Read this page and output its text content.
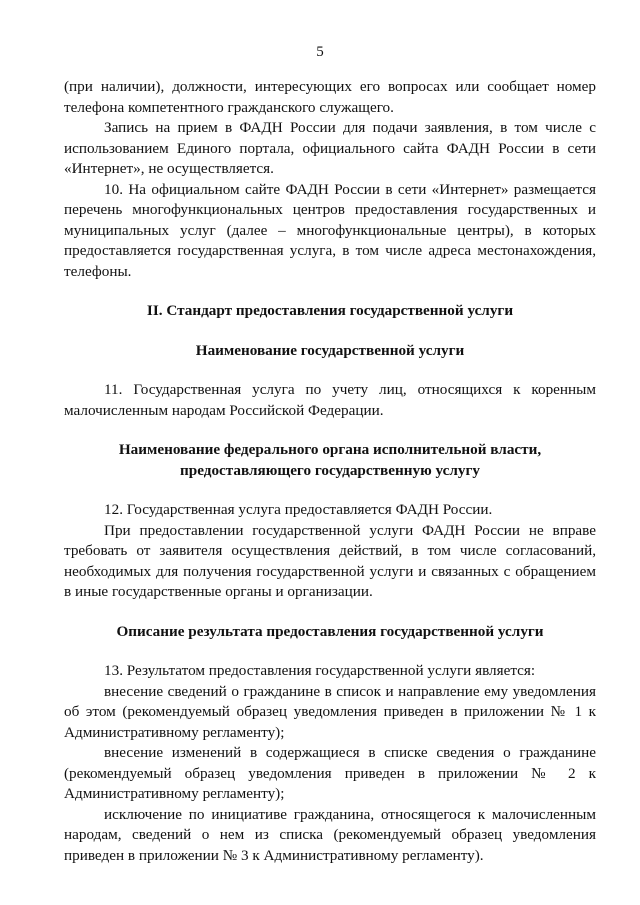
5

(при наличии), должности, интересующих его вопросах или сообщает номер телефона компетентного гражданского служащего.

Запись на прием в ФАДН России для подачи заявления, в том числе с использованием Единого портала, официального сайта ФАДН России в сети «Интернет», не осуществляется.

10. На официальном сайте ФАДН России в сети «Интернет» размещается перечень многофункциональных центров предоставления государственных и муниципальных услуг (далее – многофункциональные центры), в которых предоставляется государственная услуга, в том числе адреса местонахождения, телефоны.

II. Стандарт предоставления государственной услуги

Наименование государственной услуги

11. Государственная услуга по учету лиц, относящихся к коренным малочисленным народам Российской Федерации.

Наименование федерального органа исполнительной власти,

предоставляющего государственную услугу

12. Государственная услуга предоставляется ФАДН России.

При предоставлении государственной услуги ФАДН России не вправе требовать от заявителя осуществления действий, в том числе согласований, необходимых для получения государственной услуги и связанных с обращением в иные государственные органы и организации.

Описание результата предоставления государственной услуги

13. Результатом предоставления государственной услуги является:

внесение сведений о гражданине в список и направление ему уведомления об этом (рекомендуемый образец уведомления приведен в приложении № 1 к Административному регламенту);

внесение изменений в содержащиеся в списке сведения о гражданине (рекомендуемый образец уведомления приведен в приложении № 2 к Административному регламенту);

исключение по инициативе гражданина, относящегося к малочисленным народам, сведений о нем из списка (рекомендуемый образец уведомления приведен в приложении № 3 к Административному регламенту).
